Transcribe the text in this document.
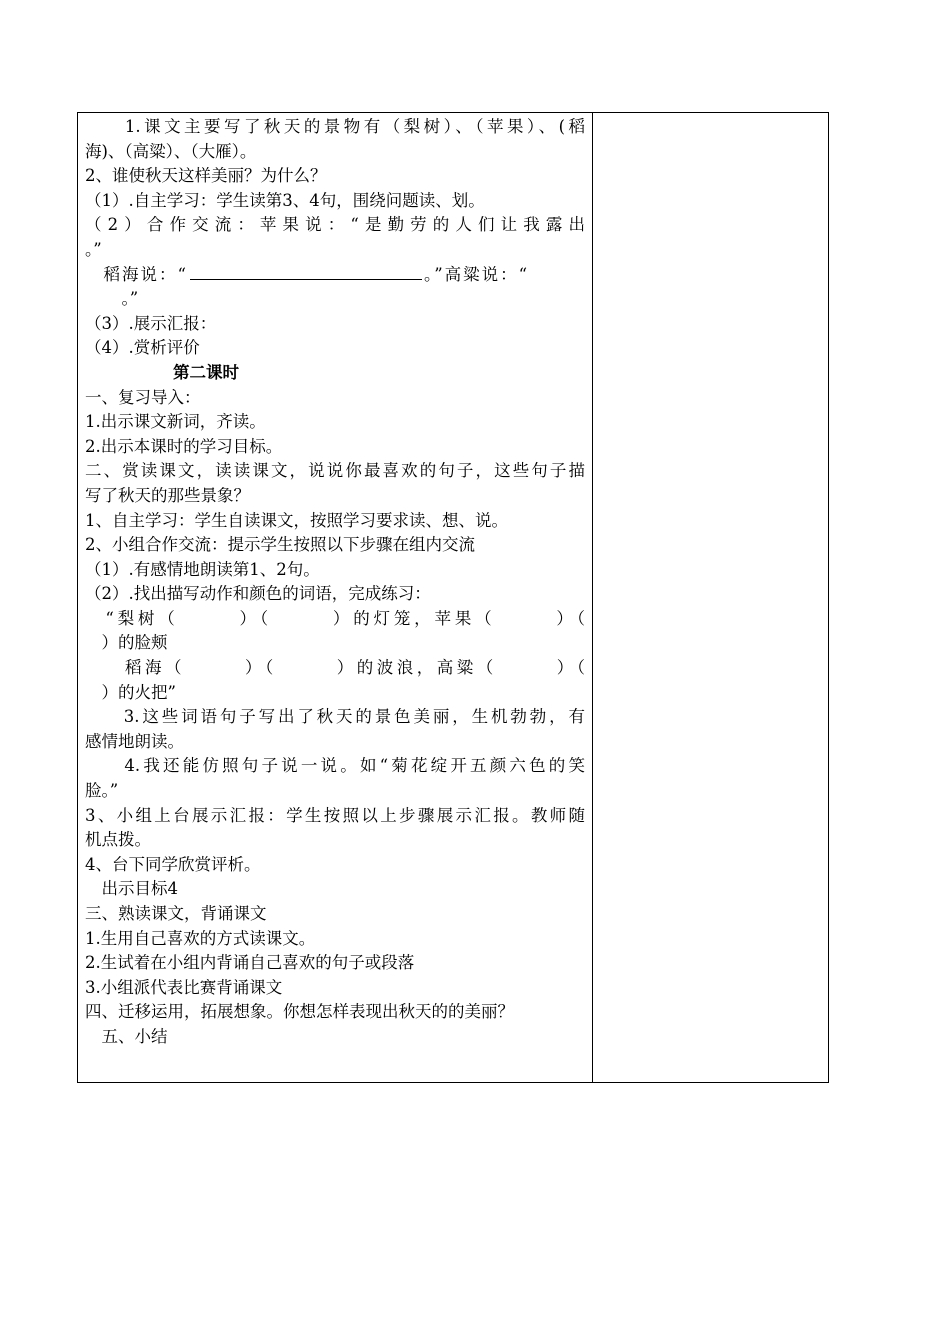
　　1.课文主要写了秋天的景物有（梨树）、（苹果）、(稻
海)、（高粱）、（大雁）。
2、谁使秋天这样美丽？为什么？
（1）.自主学习：学生读第3、4句，围绕问题读、划。
（2）合作交流：苹果说：“是勤劳的人们让我露出
。”
　稻海说：“	。”高粱说：“
　。”
（3）.展示汇报：
（4）.赏析评价
第二课时
一、复习导入：
1.出示课文新词，齐读。
2.出示本课时的学习目标。
二、赏读课文，读读课文，说说你最喜欢的句子，这些句子描
写了秋天的那些景象？
1、自主学习：学生自读课文，按照学习要求读、想、说。
2、小组合作交流：提示学生按照以下步骤在组内交流
（1）.有感情地朗读第1、2句。
（2）.找出描写动作和颜色的词语，完成练习：
　“梨树（　　　）（　　　）的灯笼，苹果（　　　）（
　）的脸颊
　　稻海（　　　）（　　　）的波浪，高粱（　　　）（
　）的火把”
　　3.这些词语句子写出了秋天的景色美丽，生机勃勃，有
感情地朗读。
　　4.我还能仿照句子说一说。如“菊花绽开五颜六色的笑
脸。”
3、小组上台展示汇报：学生按照以上步骤展示汇报。教师随
机点拨。
4、台下同学欣赏评析。
　出示目标4
三、熟读课文，背诵课文
1.生用自己喜欢的方式读课文。
2.生试着在小组内背诵自己喜欢的句子或段落
3.小组派代表比赛背诵课文
四、迁移运用，拓展想象。你想怎样表现出秋天的的美丽？
　五、小结
